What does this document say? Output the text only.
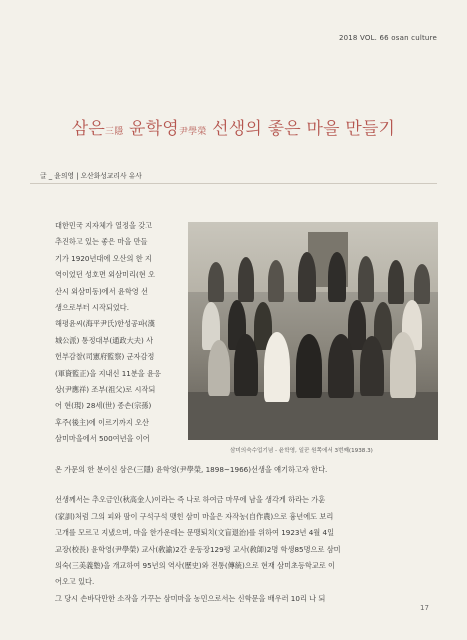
2018 VOL. 66 osan culture
삼은三隱 윤학영尹學榮 선생의 좋은 마을 만들기
글 _ 윤의영 | 오산화성교리사 유사

대한민국 지자체가 열정을 갖고

추진하고 있는 좋은 마을 만들

기가 1920년대에 오산의 한 지

역이었던 성호면 외삼미리(현 오

산시 외삼미동)에서 윤학영 선

생으로부터 시작되었다.

해평윤씨(海平尹氏)한성공파(漢

城公派) 통정대부(通政大夫) 사

헌부감찰(司憲府監察) 군자감정

(軍資監正)을 지내신 11분을 윤응

상(尹應祥) 조부(祖父)로 시작되

어 현(現) 28세(世) 종손(宗孫)

후주(後主)에 이르기까지 오산

삼미마을에서 500여년을 이어

삼미의숙수업기념 - 윤학영, 일꾼 원쪽에서 3번째(1938.3)

온 가문의 한 분이신 삼은(三隱) 윤학영(尹學榮, 1898~1966)선생을 얘기하고자 한다.

선생께서는 추오금인(秋高金人)이라는 즉 나로 하여금 마무에 남을 생각게 하라는 가훈
(家訓)처럼 그의 피와 땀이 구석구석 맺힌 삼미 마을은 자작농(自作農)으로 흉년에도 보리
고개를 모르고 지냈으며, 마을 한가운데는 문맹퇴치(文盲退治)를 위하여 1923년 4월 4일
교장(校長) 윤학영(尹學榮) 교사(敎諭)2간 운동장129평 교사(敎師)2명 학생85명으로 삼미
의숙(三美義塾)을 개교하여 95년의 역사(歷史)와 전통(傳統)으로 현재 삼미초등학교로 이
어오고 있다.
그 당시 손바닥만한 소작을 가꾸는 삼미마을 농민으로서는 신학문을 배우러 10리 나 되

17
